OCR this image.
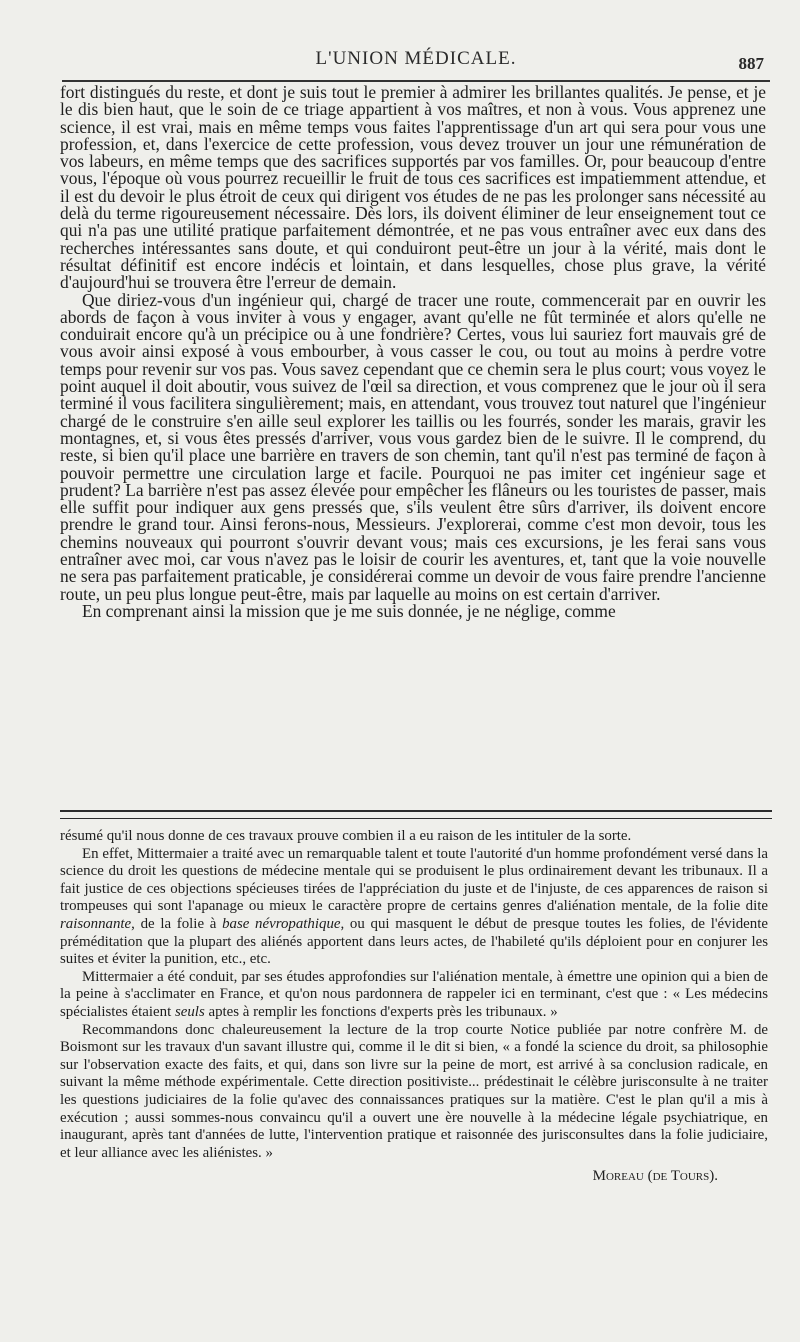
L'UNION MÉDICALE.	887

fort distingués du reste, et dont je suis tout le premier à admirer les brillantes qualités. Je pense, et je le dis bien haut, que le soin de ce triage appartient à vos maîtres, et non à vous. Vous apprenez une science, il est vrai, mais en même temps vous faites l'apprentissage d'un art qui sera pour vous une profession, et, dans l'exercice de cette profession, vous devez trouver un jour une rémunération de vos labeurs, en même temps que des sacrifices supportés par vos familles. Or, pour beaucoup d'entre vous, l'époque où vous pourrez recueillir le fruit de tous ces sacrifices est impatiemment attendue, et il est du devoir le plus étroit de ceux qui dirigent vos études de ne pas les prolonger sans nécessité au delà du terme rigoureusement nécessaire. Dès lors, ils doivent éliminer de leur enseignement tout ce qui n'a pas une utilité pratique parfaitement démontrée, et ne pas vous entraîner avec eux dans des recherches intéressantes sans doute, et qui conduiront peut-être un jour à la vérité, mais dont le résultat définitif est encore indécis et lointain, et dans lesquelles, chose plus grave, la vérité d'aujourd'hui se trouvera être l'erreur de demain.

Que diriez-vous d'un ingénieur qui, chargé de tracer une route, commencerait par en ouvrir les abords de façon à vous inviter à vous y engager, avant qu'elle ne fût terminée et alors qu'elle ne conduirait encore qu'à un précipice ou à une fondrière? Certes, vous lui sauriez fort mauvais gré de vous avoir ainsi exposé à vous embourber, à vous casser le cou, ou tout au moins à perdre votre temps pour revenir sur vos pas. Vous savez cependant que ce chemin sera le plus court; vous voyez le point auquel il doit aboutir, vous suivez de l'œil sa direction, et vous comprenez que le jour où il sera terminé il vous facilitera singulièrement; mais, en attendant, vous trouvez tout naturel que l'ingénieur chargé de le construire s'en aille seul explorer les taillis ou les fourrés, sonder les marais, gravir les montagnes, et, si vous êtes pressés d'arriver, vous vous gardez bien de le suivre. Il le comprend, du reste, si bien qu'il place une barrière en travers de son chemin, tant qu'il n'est pas terminé de façon à pouvoir permettre une circulation large et facile. Pourquoi ne pas imiter cet ingénieur sage et prudent? La barrière n'est pas assez élevée pour empêcher les flâneurs ou les touristes de passer, mais elle suffit pour indiquer aux gens pressés que, s'ils veulent être sûrs d'arriver, ils doivent encore prendre le grand tour. Ainsi ferons-nous, Messieurs. J'explorerai, comme c'est mon devoir, tous les chemins nouveaux qui pourront s'ouvrir devant vous; mais ces excursions, je les ferai sans vous entraîner avec moi, car vous n'avez pas le loisir de courir les aventures, et, tant que la voie nouvelle ne sera pas parfaitement praticable, je considérerai comme un devoir de vous faire prendre l'ancienne route, un peu plus longue peut-être, mais par laquelle au moins on est certain d'arriver.

En comprenant ainsi la mission que je me suis donnée, je ne néglige, comme

résumé qu'il nous donne de ces travaux prouve combien il a eu raison de les intituler de la sorte.

En effet, Mittermaier a traité avec un remarquable talent et toute l'autorité d'un homme profondément versé dans la science du droit les questions de médecine mentale qui se produisent le plus ordinairement devant les tribunaux. Il a fait justice de ces objections spécieuses tirées de l'appréciation du juste et de l'injuste, de ces apparences de raison si trompeuses qui sont l'apanage ou mieux le caractère propre de certains genres d'aliénation mentale, de la folie dite raisonnante, de la folie à base névropathique, ou qui masquent le début de presque toutes les folies, de l'évidente préméditation que la plupart des aliénés apportent dans leurs actes, de l'habileté qu'ils déploient pour en conjurer les suites et éviter la punition, etc., etc.

Mittermaier a été conduit, par ses études approfondies sur l'aliénation mentale, à émettre une opinion qui a bien de la peine à s'acclimater en France, et qu'on nous pardonnera de rappeler ici en terminant, c'est que : « Les médecins spécialistes étaient seuls aptes à remplir les fonctions d'experts près les tribunaux. »

Recommandons donc chaleureusement la lecture de la trop courte Notice publiée par notre confrère M. de Boismont sur les travaux d'un savant illustre qui, comme il le dit si bien, « a fondé la science du droit, sa philosophie sur l'observation exacte des faits, et qui, dans son livre sur la peine de mort, est arrivé à sa conclusion radicale, en suivant la même méthode expérimentale. Cette direction positiviste... prédestinait le célèbre jurisconsulte à ne traiter les questions judiciaires de la folie qu'avec des connaissances pratiques sur la matière. C'est le plan qu'il a mis à exécution ; aussi sommes-nous convaincu qu'il a ouvert une ère nouvelle à la médecine légale psychiatrique, en inaugurant, après tant d'années de lutte, l'intervention pratique et raisonnée des jurisconsultes dans la folie judiciaire, et leur alliance avec les aliénistes. »

Moreau (de Tours).
